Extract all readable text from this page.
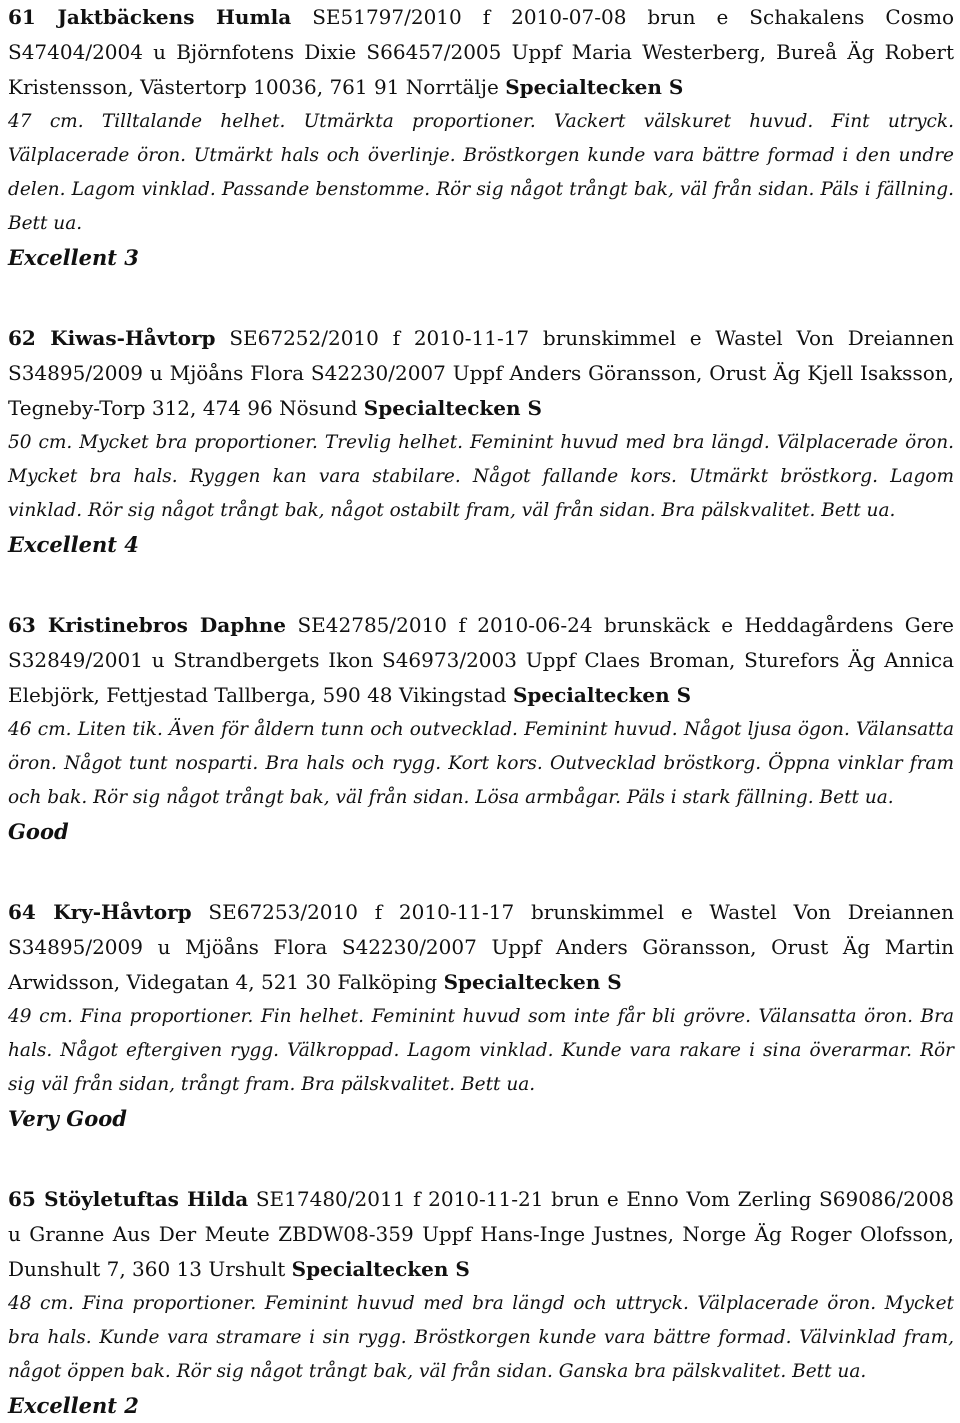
61 Jaktbäckens Humla SE51797/2010 f 2010-07-08 brun e Schakalens Cosmo S47404/2004 u Björnfotens Dixie S66457/2005 Uppf Maria Westerberg, Bureå Äg Robert Kristensson, Västertorp 10036, 761 91 Norrtälje Specialtecken S
47 cm. Tilltalande helhet. Utmärkta proportioner. Vackert välskuret huvud. Fint utryck. Välplacerade öron. Utmärkt hals och överlinje. Bröstkorgen kunde vara bättre formad i den undre delen. Lagom vinklad. Passande benstomme. Rör sig något trångt bak, väl från sidan. Päls i fällning. Bett ua.
Excellent 3
62 Kiwas-Håvtorp SE67252/2010 f 2010-11-17 brunskimmel e Wastel Von Dreiannen S34895/2009 u Mjöåns Flora S42230/2007 Uppf Anders Göransson, Orust Äg Kjell Isaksson, Tegneby-Torp 312, 474 96 Nösund Specialtecken S
50 cm. Mycket bra proportioner. Trevlig helhet. Feminint huvud med bra längd. Välplacerade öron. Mycket bra hals. Ryggen kan vara stabilare. Något fallande kors. Utmärkt bröstkorg. Lagom vinklad. Rör sig något trångt bak, något ostabilt fram, väl från sidan. Bra pälskvalitet. Bett ua.
Excellent 4
63 Kristinebros Daphne SE42785/2010 f 2010-06-24 brunskäck e Heddagårdens Gere S32849/2001 u Strandbergets Ikon S46973/2003 Uppf Claes Broman, Sturefors Äg Annica Elebjörk, Fettjestad Tallberga, 590 48 Vikingstad Specialtecken S
46 cm. Liten tik. Även för åldern tunn och outvecklad. Feminint huvud. Något ljusa ögon. Välansatta öron. Något tunt nosparti. Bra hals och rygg. Kort kors. Outvecklad bröstkorg. Öppna vinklar fram och bak. Rör sig något trångt bak, väl från sidan. Lösa armbågar. Päls i stark fällning. Bett ua.
Good
64 Kry-Håvtorp SE67253/2010 f 2010-11-17 brunskimmel e Wastel Von Dreiannen S34895/2009 u Mjöåns Flora S42230/2007 Uppf Anders Göransson, Orust Äg Martin Arwidsson, Videgatan 4, 521 30 Falköping Specialtecken S
49 cm. Fina proportioner. Fin helhet. Feminint huvud som inte får bli grövre. Välansatta öron. Bra hals. Något eftergiven rygg. Välkroppad. Lagom vinklad. Kunde vara rakare i sina överarmar. Rör sig väl från sidan, trångt fram. Bra pälskvalitet. Bett ua.
Very Good
65 Stöyletuftas Hilda SE17480/2011 f 2010-11-21 brun e Enno Vom Zerling S69086/2008 u Granne Aus Der Meute ZBDW08-359 Uppf Hans-Inge Justnes, Norge Äg Roger Olofsson, Dunshult 7, 360 13 Urshult Specialtecken S
48 cm. Fina proportioner. Feminint huvud med bra längd och uttryck. Välplacerade öron. Mycket bra hals. Kunde vara stramare i sin rygg. Bröstkorgen kunde vara bättre formad. Välvinklad fram, något öppen bak. Rör sig något trångt bak, väl från sidan. Ganska bra pälskvalitet. Bett ua.
Excellent 2
